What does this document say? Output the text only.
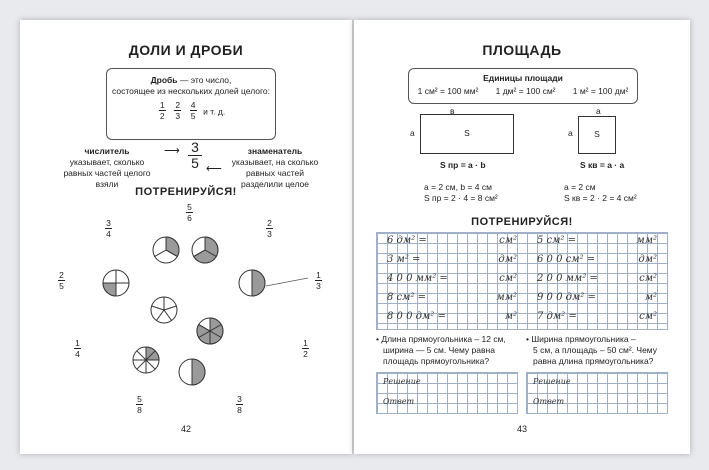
ДОЛИ И ДРОБИ
Дробь — это число,
состоящее из нескольких долей целого:
$\frac{1}{2}$
$\frac{2}{3}$
$\frac{4}{5}$ и т. д.
числитель
указывает, сколько
равных частей целого
взяли
⟶ 3
5 ⟵
знаменатель
указывает, на сколько
равных частей
разделили целое
ПОТРЕНИРУЙСЯ!
$\frac{5}{6}$
$\frac{3}{4}$	$\frac{2}{3}$
$\frac{2}{5}$	$\frac{1}{3}$
$\frac{1}{4}$	$\frac{1}{2}$
$\frac{5}{8}$	$\frac{3}{8}$
42
ПЛОЩАДЬ
Единицы площади
1 см² = 100 мм² 1 дм² = 100 см² 1 м² = 100 дм²
в
а	S
S пр = a · b
а
а	S
S кв = a · a
а = 2 см, b = 4 см
S пр = 2 · 4 = 8 см²
а = 2 см
S кв = 2 · 2 = 4 см²
ПОТРЕНИРУЙСЯ!
6 дм² =	см²
3 м² =	дм²
4 0 0 мм² =	см²
8 см² =	мм²
8 0 0 дм² =	м²
5 см² =	мм²
6 0 0 см² =	дм²
2 0 0 мм² =	см²
9 0 0 дм² =	м²
7 дм² =	см²
• Длина прямоугольника – 12 см,
ширина — 5 см. Чему равна
площадь прямоугольника?
• Ширина прямоугольника –
5 см, а площадь – 50 см². Чему
равна длина прямоугольника?
Решение
Ответ
Решение
Ответ
43
